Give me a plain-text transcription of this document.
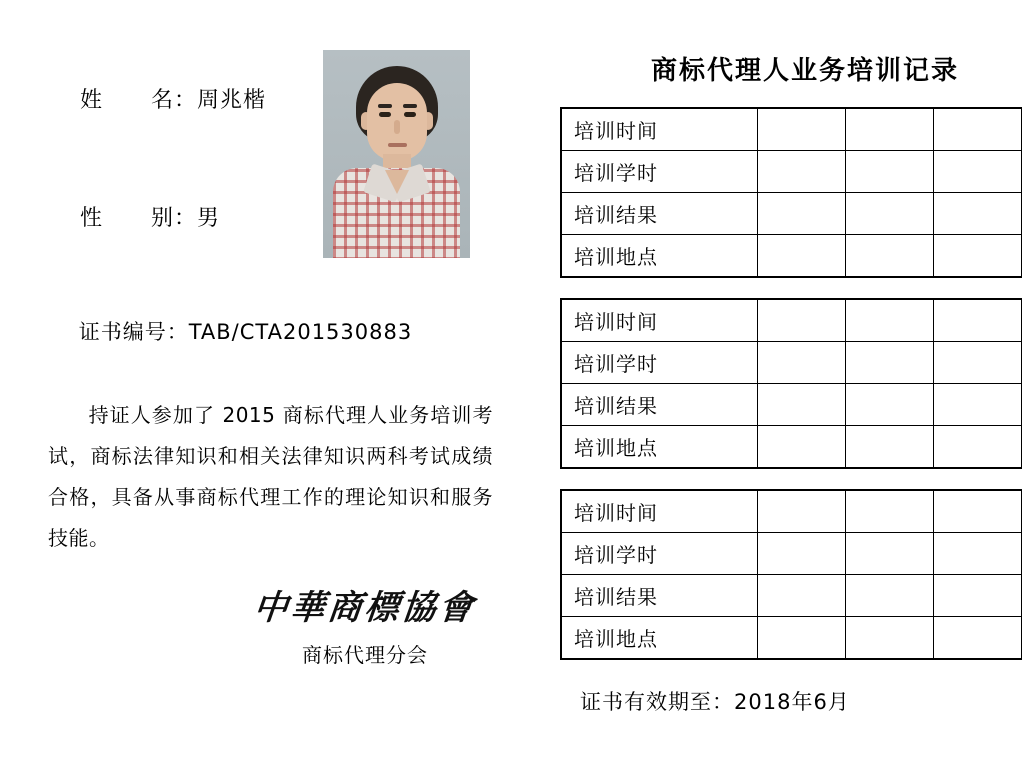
姓      名：周兆楷

性      别：男

证书编号：TAB/CTA201530883

持证人参加了 2015 商标代理人业务培训考试，商标法律知识和相关法律知识两科考试成绩合格，具备从事商标代理工作的理论知识和服务技能。
中華商標協會
商标代理分会
商标代理人业务培训记录
培训时间			
培训学时			
培训结果			
培训地点			
培训时间			
培训学时			
培训结果			
培训地点			
培训时间			
培训学时			
培训结果			
培训地点			
证书有效期至：2018年6月
